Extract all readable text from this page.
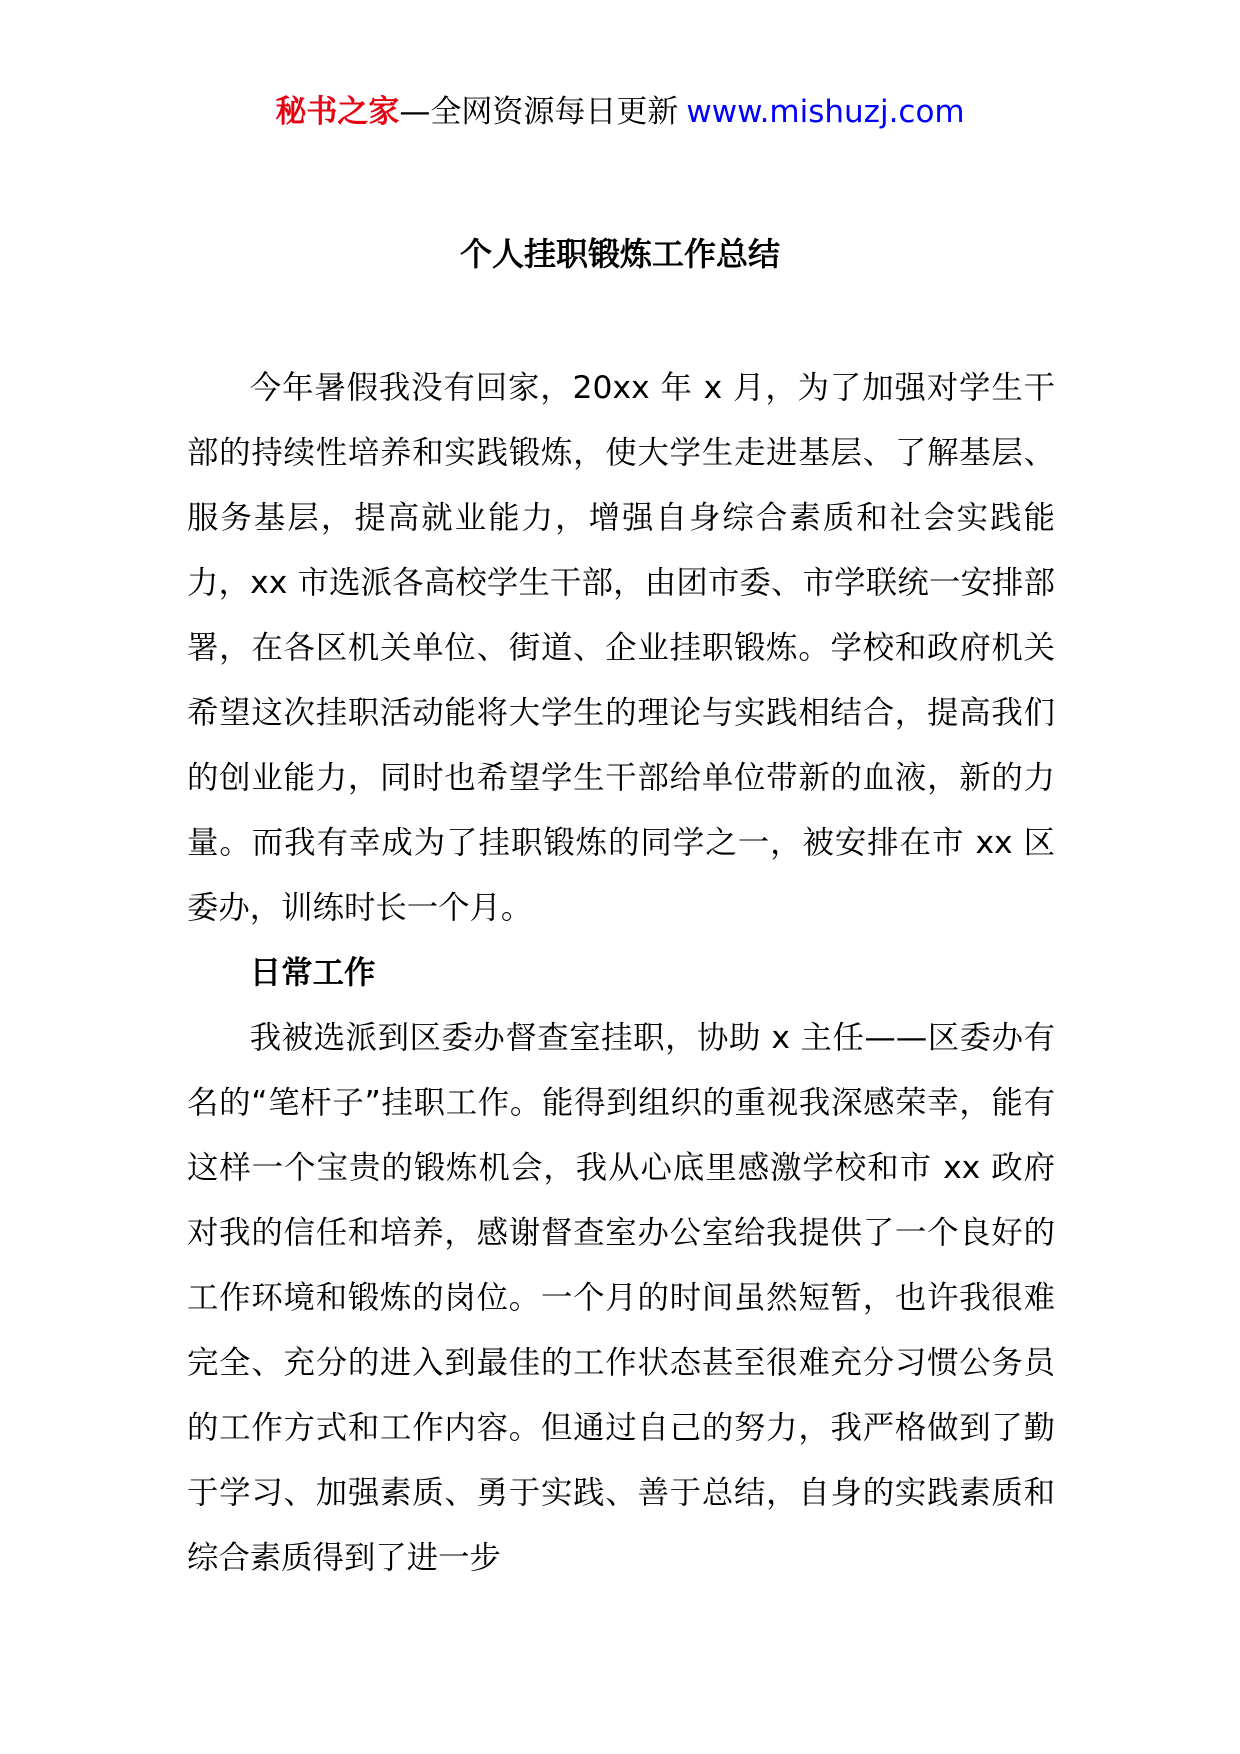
秘书之家—全网资源每日更新 www.mishuzj.com
个人挂职锻炼工作总结

今年暑假我没有回家，20xx 年 x 月，为了加强对学生干部的持续性培养和实践锻炼，使大学生走进基层、了解基层、服务基层，提高就业能力，增强自身综合素质和社会实践能力，xx 市选派各高校学生干部，由团市委、市学联统一安排部署，在各区机关单位、街道、企业挂职锻炼。学校和政府机关希望这次挂职活动能将大学生的理论与实践相结合，提高我们的创业能力，同时也希望学生干部给单位带新的血液，新的力量。而我有幸成为了挂职锻炼的同学之一，被安排在市 xx 区委办，训练时长一个月。

日常工作

我被选派到区委办督查室挂职，协助 x 主任——区委办有名的“笔杆子”挂职工作。能得到组织的重视我深感荣幸，能有这样一个宝贵的锻炼机会，我从心底里感激学校和市 xx 政府对我的信任和培养，感谢督查室办公室给我提供了一个良好的工作环境和锻炼的岗位。一个月的时间虽然短暂，也许我很难完全、充分的进入到最佳的工作状态甚至很难充分习惯公务员的工作方式和工作内容。但通过自己的努力，我严格做到了勤于学习、加强素质、勇于实践、善于总结，自身的实践素质和综合素质得到了进一步
